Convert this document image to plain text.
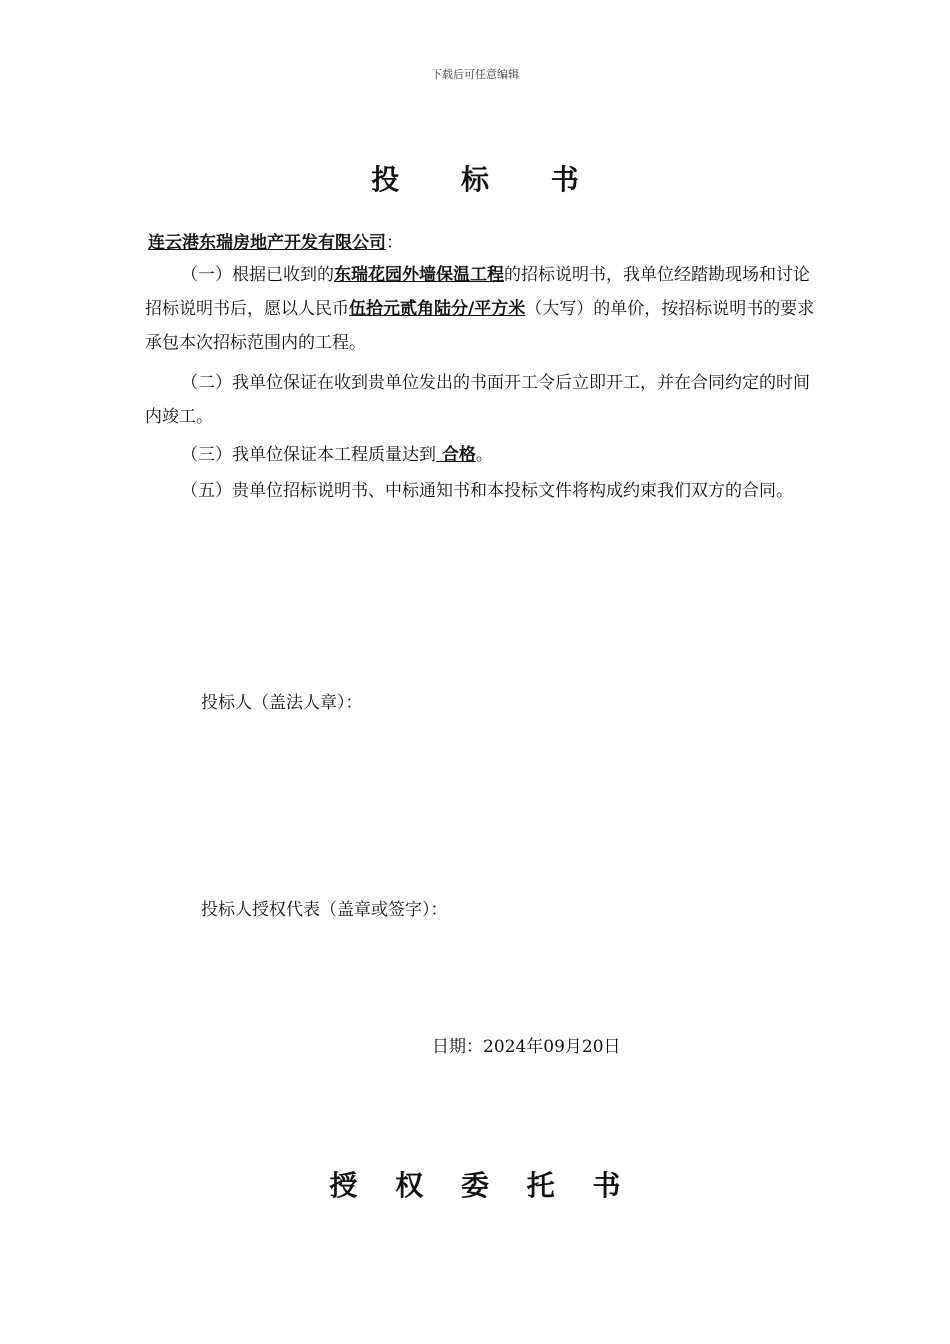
下载后可任意编辑
投 标 书
连云港东瑞房地产开发有限公司：
（一）根据已收到的东瑞花园外墙保温工程的招标说明书，我单位经踏勘现场和讨论招标说明书后，愿以人民币伍拾元贰角陆分/平方米（大写）的单价，按招标说明书的要求承包本次招标范围内的工程。
（二）我单位保证在收到贵单位发出的书面开工令后立即开工，并在合同约定的时间内竣工。
（三）我单位保证本工程质量达到 合格。
（五）贵单位招标说明书、中标通知书和本投标文件将构成约束我们双方的合同。
投标人（盖法人章）：
投标人授权代表（盖章或签字）：
日期：2024年09月20日
授 权 委 托 书
